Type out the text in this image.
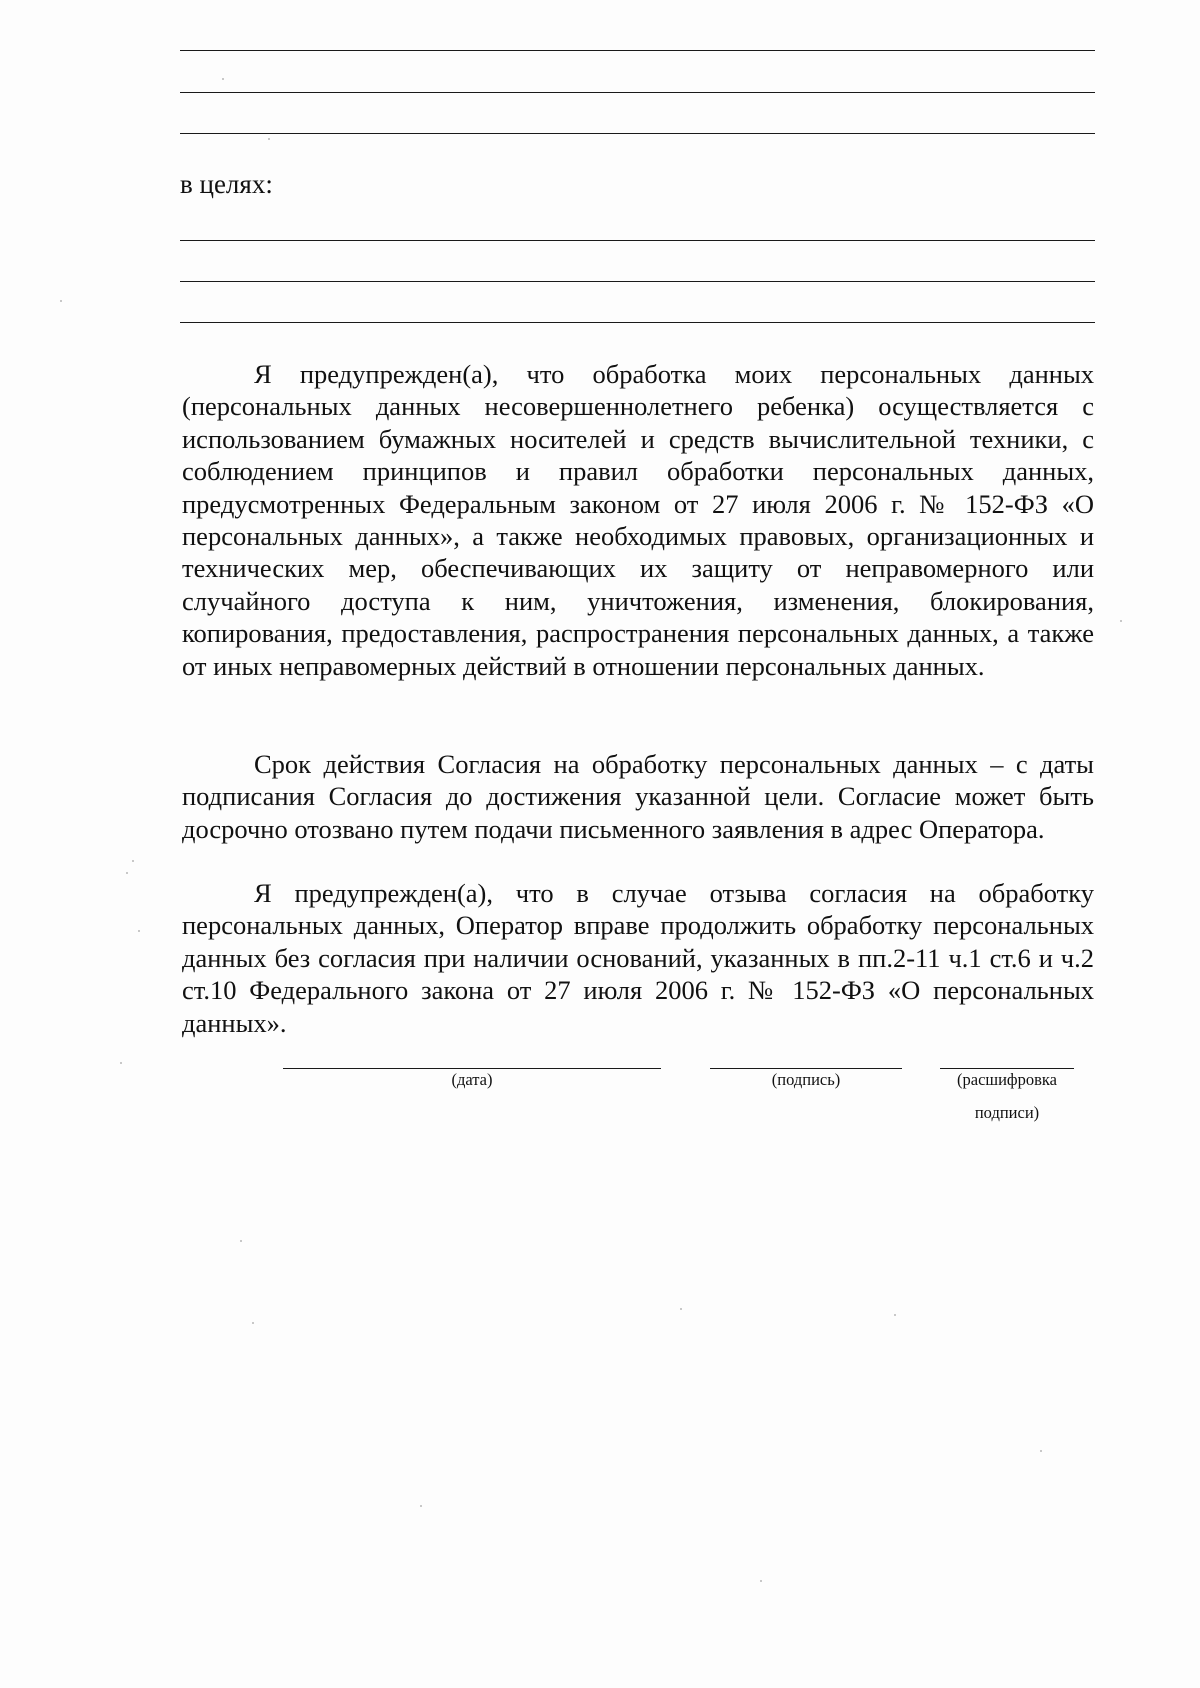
в целях:

Я предупрежден(а), что обработка моих персональных данных (персональных данных несовершеннолетнего ребенка) осуществляется с использованием бумажных носителей и средств вычислительной техники, с соблюдением принципов и правил обработки персональных данных, предусмотренных Федеральным законом от 27 июля 2006 г. № 152-ФЗ «О персональных данных», а также необходимых правовых, организационных и технических мер, обеспечивающих их защиту от неправомерного или случайного доступа к ним, уничтожения, изменения, блокирования, копирования, предоставления, распространения персональных данных, а также от иных неправомерных действий в отношении персональных данных.

Срок действия Согласия на обработку персональных данных – с даты подписания Согласия до достижения указанной цели. Согласие может быть досрочно отозвано путем подачи письменного заявления в адрес Оператора.

Я предупрежден(а), что в случае отзыва согласия на обработку персональных данных, Оператор вправе продолжить обработку персональных данных без согласия при наличии оснований, указанных в пп.2-11 ч.1 ст.6 и ч.2 ст.10 Федерального закона от 27 июля 2006 г. № 152-ФЗ «О персональных данных».

(дата)	(подпись)	(расшифровка
подписи)
